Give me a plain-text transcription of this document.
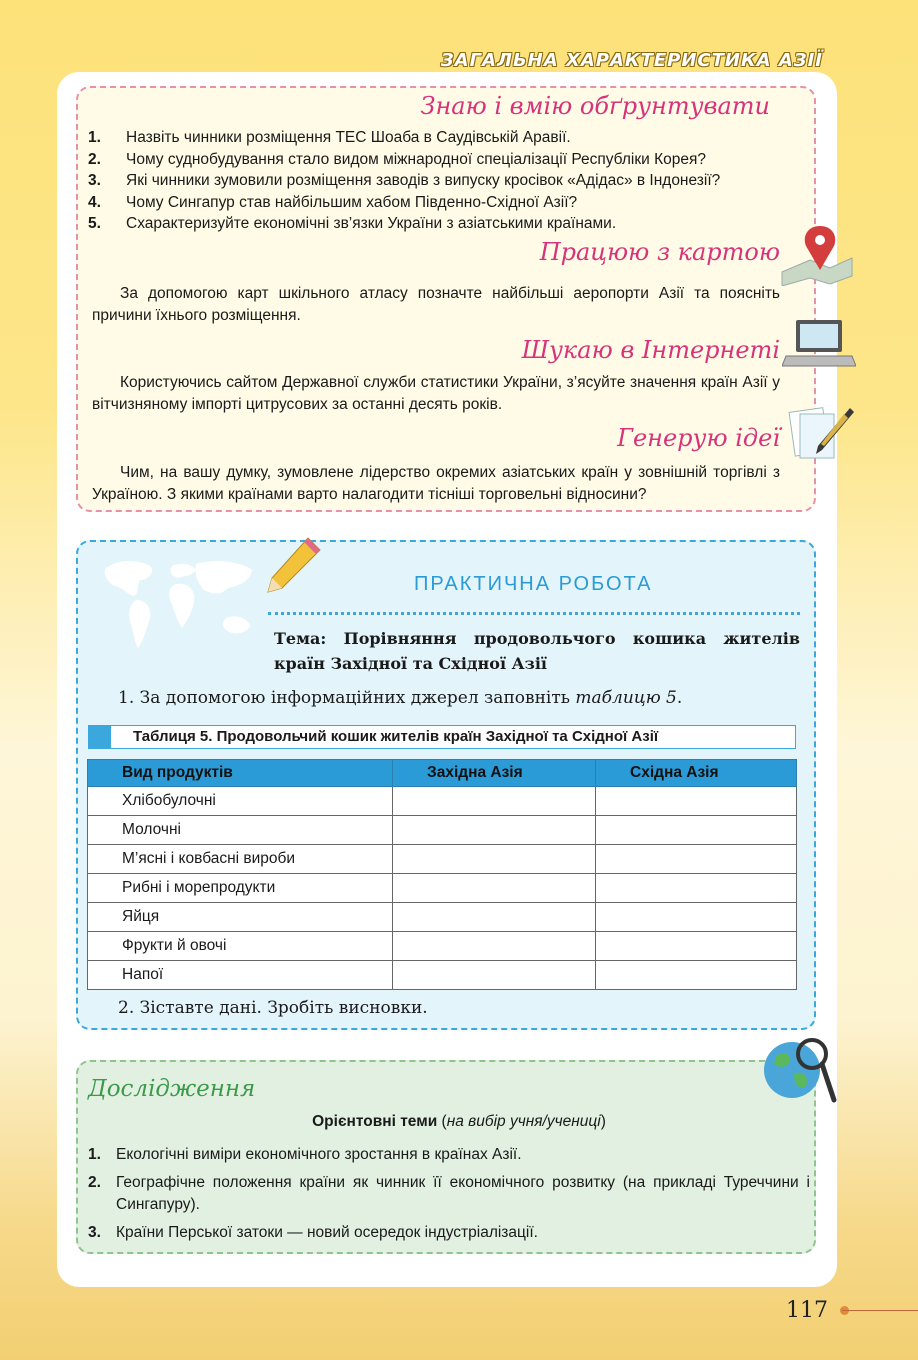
ЗАГАЛЬНА ХАРАКТЕРИСТИКА АЗІЇ
Знаю і вмію обґрунтувати
1.	Назвіть чинники розміщення ТЕС Шоаба в Саудівській Аравії.
2.	Чому суднобудування стало видом міжнародної спеціалізації Республіки Корея?
3.	Які чинники зумовили розміщення заводів з випуску кросівок «Адідас» в Індонезії?
4.	Чому Сингапур став найбільшим хабом Південно-Східної Азії?
5.	Схарактеризуйте економічні зв’язки України з азіатськими країнами.
Працюю з картою
За допомогою карт шкільного атласу позначте найбільші аеропорти Азії та поясніть причини їхнього розміщення.
Шукаю в Інтернеті
Користуючись сайтом Державної служби статистики України, з’ясуйте значення країн Азії у вітчизняному імпорті цитрусових за останні десять років.
Генерую ідеї
Чим, на вашу думку, зумовлене лідерство окремих азіатських країн у зовнішній торгівлі з Україною. З якими країнами варто налагодити тісніші торговельні відносини?
ПРАКТИЧНА РОБОТА
Тема: Порівняння продовольчого кошика жителів країн Західної та Східної Азії
1. За допомогою інформаційних джерел заповніть таблицю 5.
Таблиця 5. Продовольчий кошик жителів країн Західної та Східної Азії
Вид продуктів	Західна Азія	Східна Азія
Хлібобулочні		
Молочні		
М’ясні і ковбасні вироби		
Рибні і морепродукти		
Яйця		
Фрукти й овочі		
Напої		
2. Зіставте дані. Зробіть висновки.
Дослідження
Орієнтовні теми (на вибір учня/учениці)
1. Екологічні виміри економічного зростання в країнах Азії.
2. Географічне положення країни як чинник її економічного розвитку (на прикладі Туреччини і Сингапуру).
3. Країни Перської затоки — новий осередок індустріалізації.
117
